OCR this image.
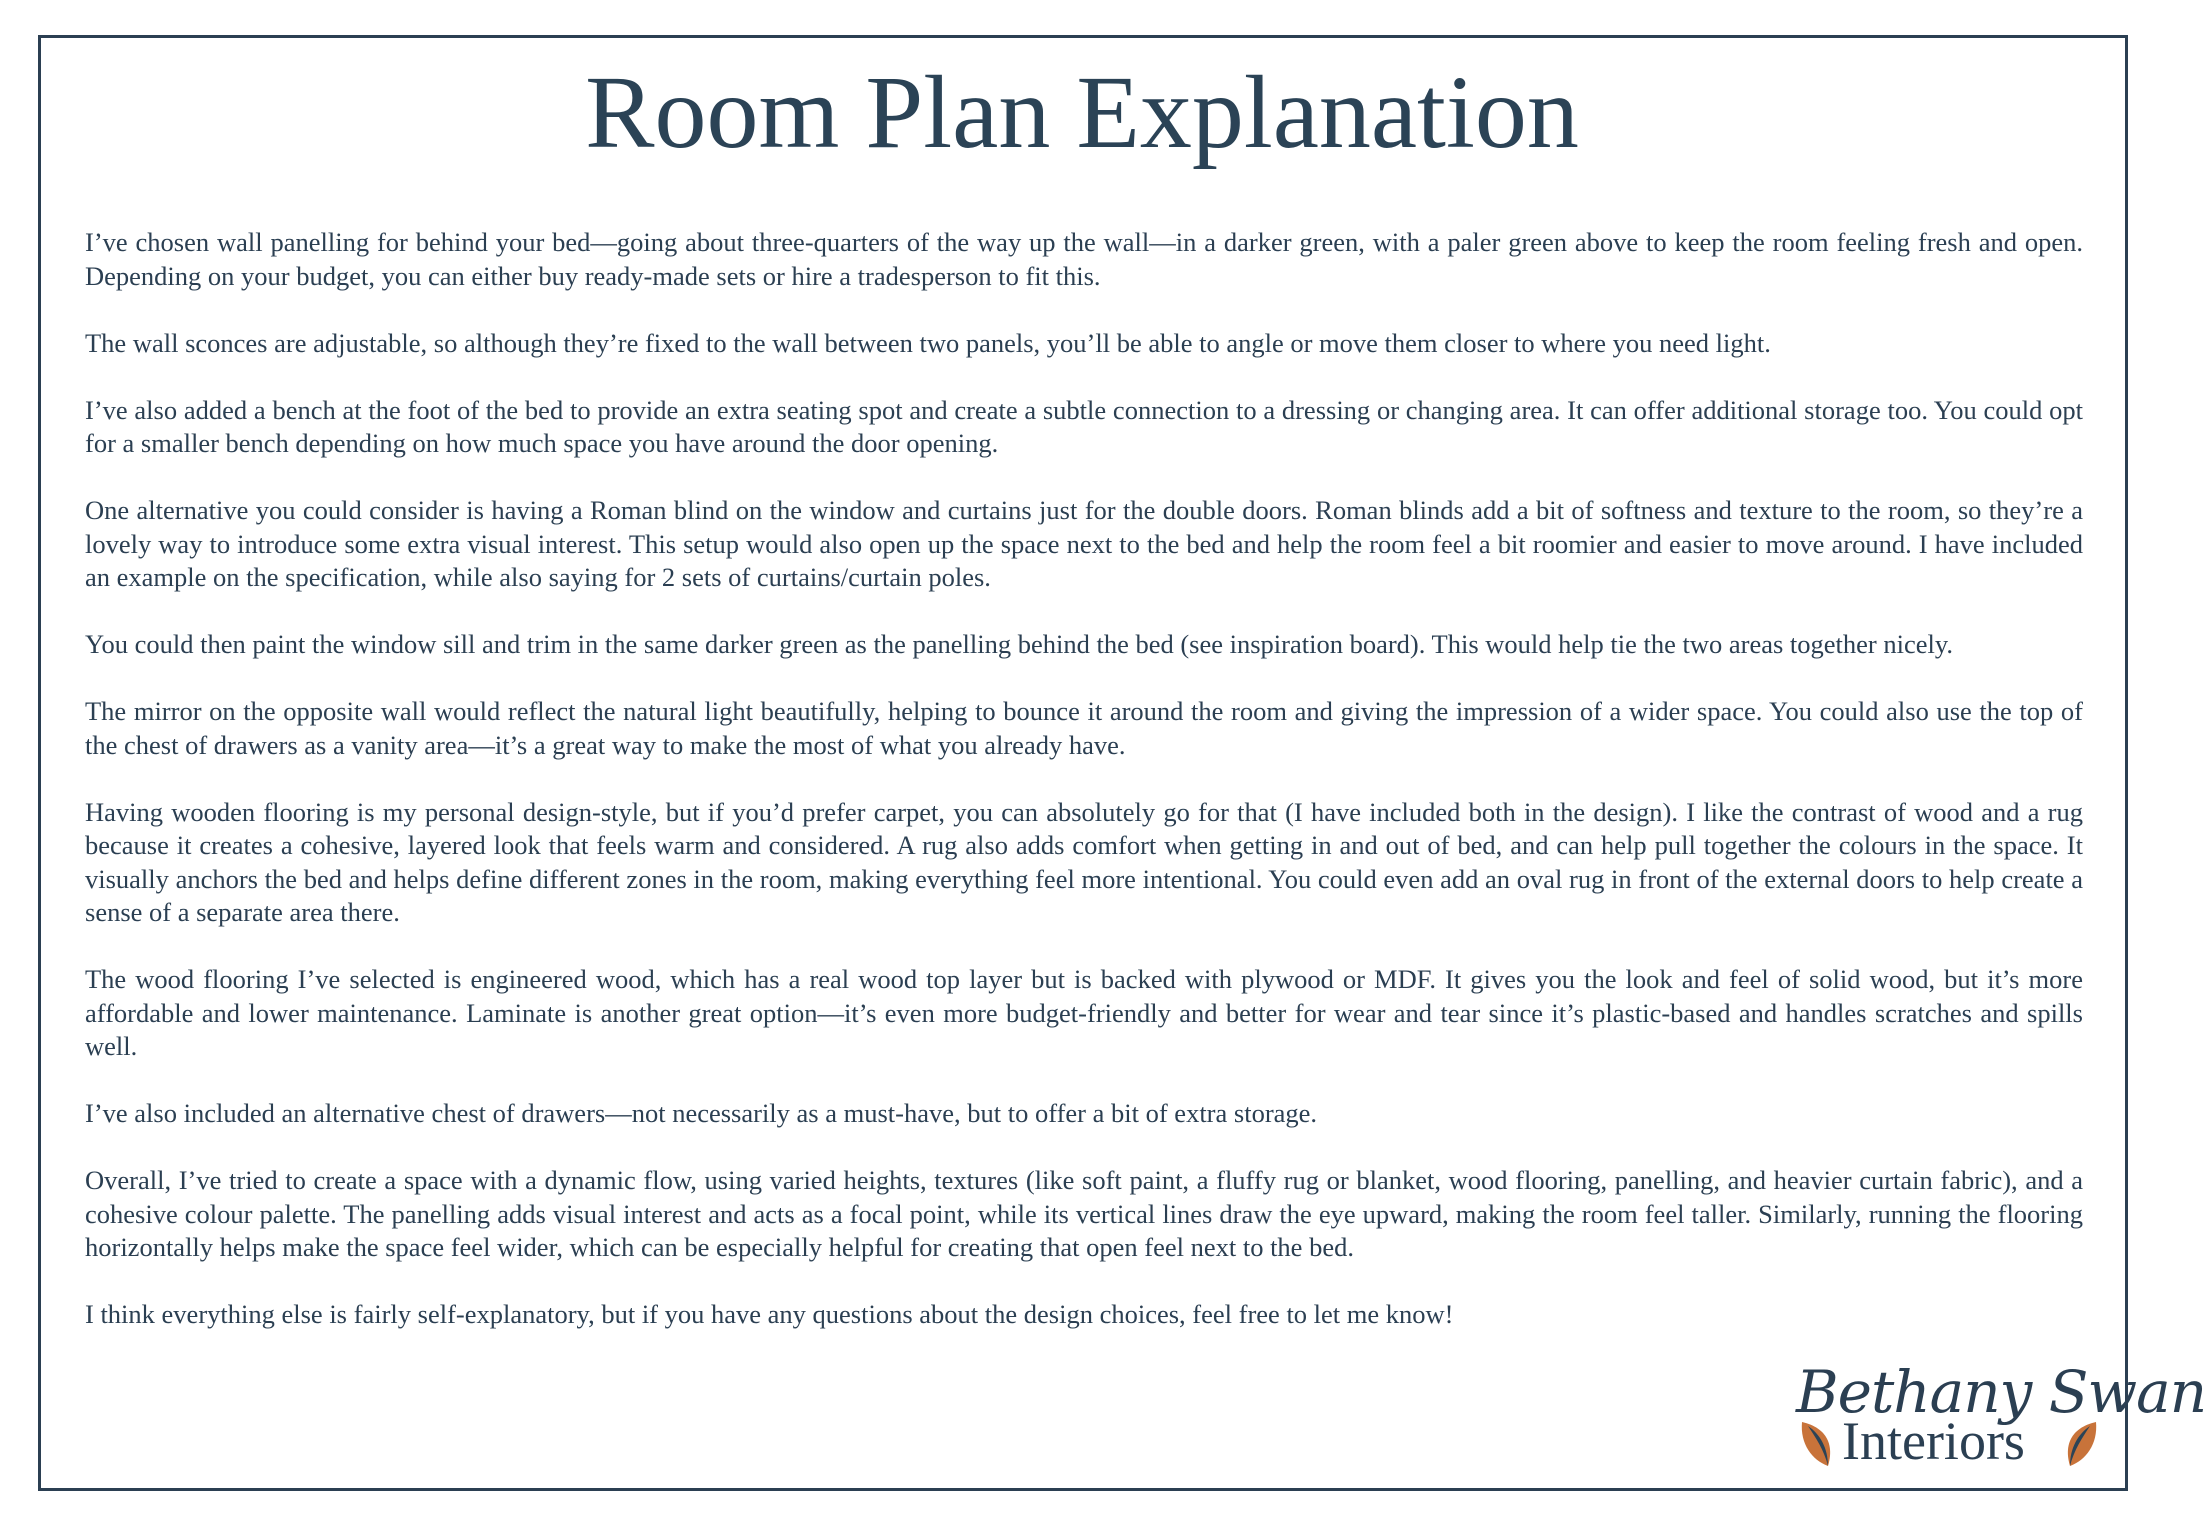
Room Plan Explanation

I’ve chosen wall panelling for behind your bed—going about three-quarters of the way up the wall—in a darker green, with a paler green above to keep the room feeling fresh and open. Depending on your budget, you can either buy ready-made sets or hire a tradesperson to fit this.

The wall sconces are adjustable, so although they’re fixed to the wall between two panels, you’ll be able to angle or move them closer to where you need light.

I’ve also added a bench at the foot of the bed to provide an extra seating spot and create a subtle connection to a dressing or changing area. It can offer additional storage too. You could opt for a smaller bench depending on how much space you have around the door opening.

One alternative you could consider is having a Roman blind on the window and curtains just for the double doors. Roman blinds add a bit of softness and texture to the room, so they’re a lovely way to introduce some extra visual interest. This setup would also open up the space next to the bed and help the room feel a bit roomier and easier to move around. I have included an example on the specification, while also saying for 2 sets of curtains/curtain poles.

You could then paint the window sill and trim in the same darker green as the panelling behind the bed (see inspiration board). This would help tie the two areas together nicely.

The mirror on the opposite wall would reflect the natural light beautifully, helping to bounce it around the room and giving the impression of a wider space. You could also use the top of the chest of drawers as a vanity area—it’s a great way to make the most of what you already have.

Having wooden flooring is my personal design-style, but if you’d prefer carpet, you can absolutely go for that (I have included both in the design). I like the contrast of wood and a rug because it creates a cohesive, layered look that feels warm and considered. A rug also adds comfort when getting in and out of bed, and can help pull together the colours in the space. It visually anchors the bed and helps define different zones in the room, making everything feel more intentional. You could even add an oval rug in front of the external doors to help create a sense of a separate area there.

The wood flooring I’ve selected is engineered wood, which has a real wood top layer but is backed with plywood or MDF. It gives you the look and feel of solid wood, but it’s more affordable and lower maintenance. Laminate is another great option—it’s even more budget-friendly and better for wear and tear since it’s plastic-based and handles scratches and spills well.

I’ve also included an alternative chest of drawers—not necessarily as a must-have, but to offer a bit of extra storage.

Overall, I’ve tried to create a space with a dynamic flow, using varied heights, textures (like soft paint, a fluffy rug or blanket, wood flooring, panelling, and heavier curtain fabric), and a cohesive colour palette. The panelling adds visual interest and acts as a focal point, while its vertical lines draw the eye upward, making the room feel taller. Similarly, running the flooring horizontally helps make the space feel wider, which can be especially helpful for creating that open feel next to the bed.

I think everything else is fairly self-explanatory, but if you have any questions about the design choices, feel free to let me know!

Bethany Swan
Interiors
